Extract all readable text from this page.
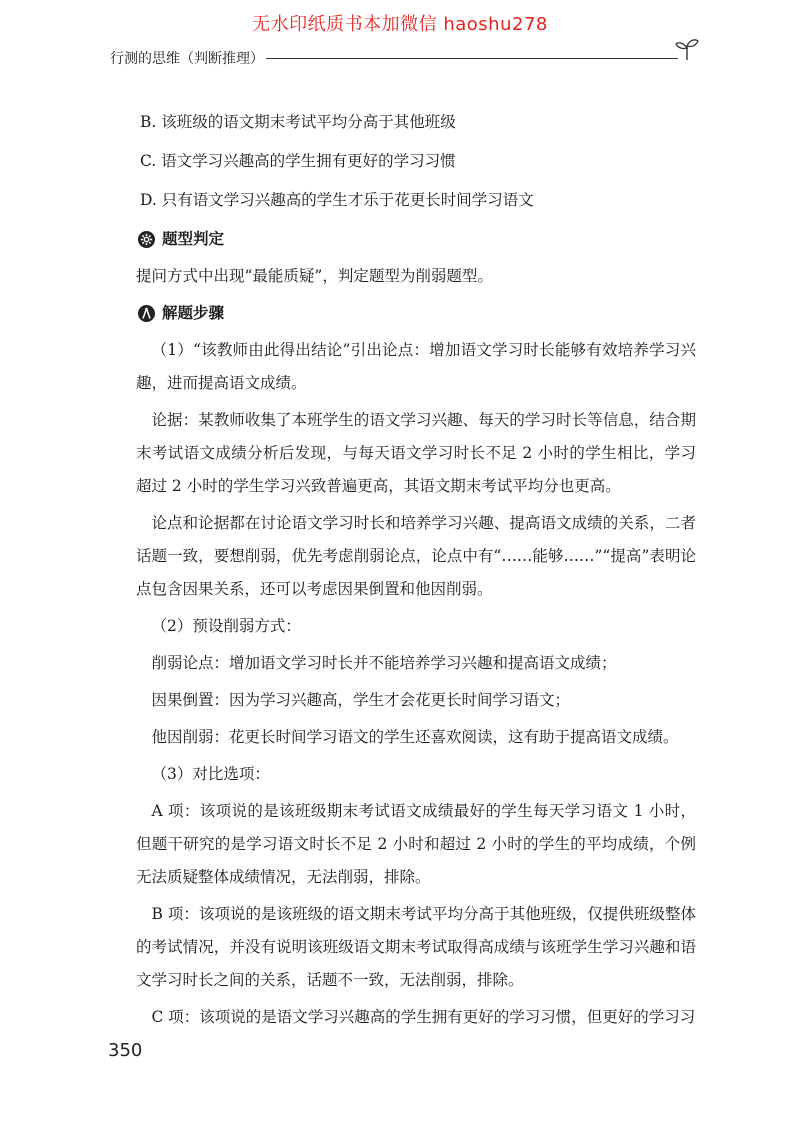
无水印纸质书本加微信 haoshu278
行测的思维（判断推理）

B. 该班级的语文期末考试平均分高于其他班级

C. 语文学习兴趣高的学生拥有更好的学习习惯

D. 只有语文学习兴趣高的学生才乐于花更长时间学习语文

题型判定

提问方式中出现“最能质疑”，判定题型为削弱题型。

解题步骤

（1）“该教师由此得出结论”引出论点：增加语文学习时长能够有效培养学习兴趣，进而提高语文成绩。

论据：某教师收集了本班学生的语文学习兴趣、每天的学习时长等信息，结合期末考试语文成绩分析后发现，与每天语文学习时长不足 2 小时的学生相比，学习超过 2 小时的学生学习兴致普遍更高，其语文期末考试平均分也更高。

论点和论据都在讨论语文学习时长和培养学习兴趣、提高语文成绩的关系，二者话题一致，要想削弱，优先考虑削弱论点，论点中有“……能够……”“提高”表明论点包含因果关系，还可以考虑因果倒置和他因削弱。

（2）预设削弱方式：

削弱论点：增加语文学习时长并不能培养学习兴趣和提高语文成绩；

因果倒置：因为学习兴趣高，学生才会花更长时间学习语文；

他因削弱：花更长时间学习语文的学生还喜欢阅读，这有助于提高语文成绩。

（3）对比选项：

A 项：该项说的是该班级期末考试语文成绩最好的学生每天学习语文 1 小时，但题干研究的是学习语文时长不足 2 小时和超过 2 小时的学生的平均成绩，个例无法质疑整体成绩情况，无法削弱，排除。

B 项：该项说的是该班级的语文期末考试平均分高于其他班级，仅提供班级整体的考试情况，并没有说明该班级语文期末考试取得高成绩与该班学生学习兴趣和语文学习时长之间的关系，话题不一致，无法削弱，排除。

C 项：该项说的是语文学习兴趣高的学生拥有更好的学习习惯，但更好的学习习

350
